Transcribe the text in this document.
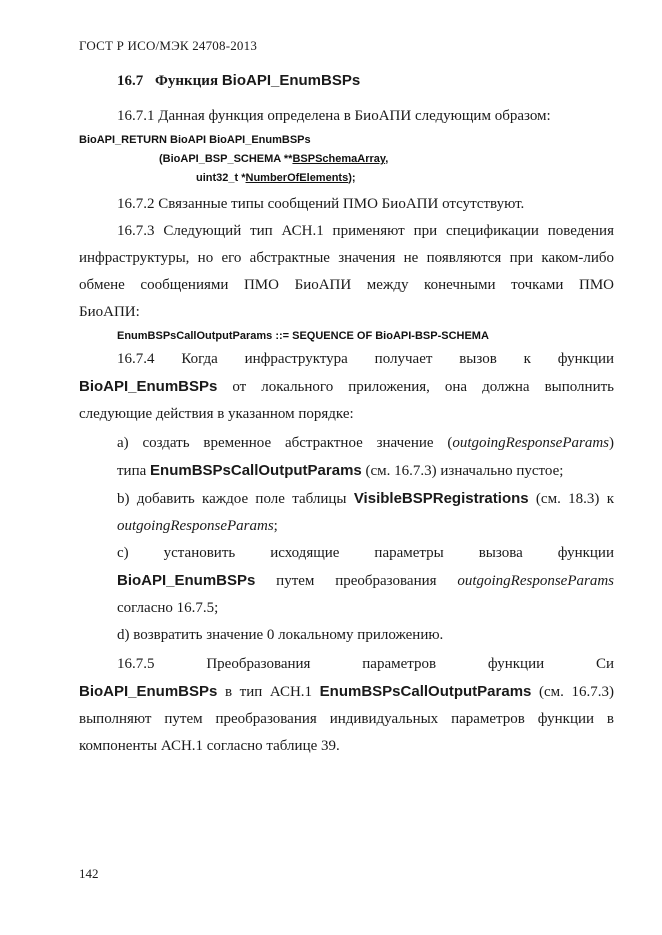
ГОСТ Р ИСО/МЭК 24708-2013
16.7 Функция BioAPI_EnumBSPs
16.7.1 Данная функция определена в БиоАПИ следующим образом:
BioAPI_RETURN BioAPI BioAPI_EnumBSPs
(BioAPI_BSP_SCHEMA **BSPSchemaArray,
uint32_t *NumberOfElements);
16.7.2 Связанные типы сообщений ПМО БиоАПИ отсутствуют.
16.7.3 Следующий тип АСН.1 применяют при спецификации поведения
инфраструктуры, но его абстрактные значения не появляются при каком-либо
обмене сообщениями ПМО БиоАПИ между конечными точками ПМО
БиоАПИ:
EnumBSPsCallOutputParams ::= SEQUENCE OF BioAPI-BSP-SCHEMA
16.7.4 Когда инфраструктура получает вызов к функции
BioAPI_EnumBSPs от локального приложения, она должна выполнить
следующие действия в указанном порядке:
a) создать временное абстрактное значение (outgoingResponseParams)
типа EnumBSPsCallOutputParams (см. 16.7.3) изначально пустое;
b) добавить каждое поле таблицы VisibleBSPRegistrations (см. 18.3) к
outgoingResponseParams;
c) установить исходящие параметры вызова функции
BioAPI_EnumBSPs путем преобразования outgoingResponseParams
согласно 16.7.5;
d) возвратить значение 0 локальному приложению.
16.7.5 Преобразования параметров функции Си
BioAPI_EnumBSPs в тип АСН.1 EnumBSPsCallOutputParams (см. 16.7.3)
выполняют путем преобразования индивидуальных параметров функции в
компоненты АСН.1 согласно таблице 39.
142
